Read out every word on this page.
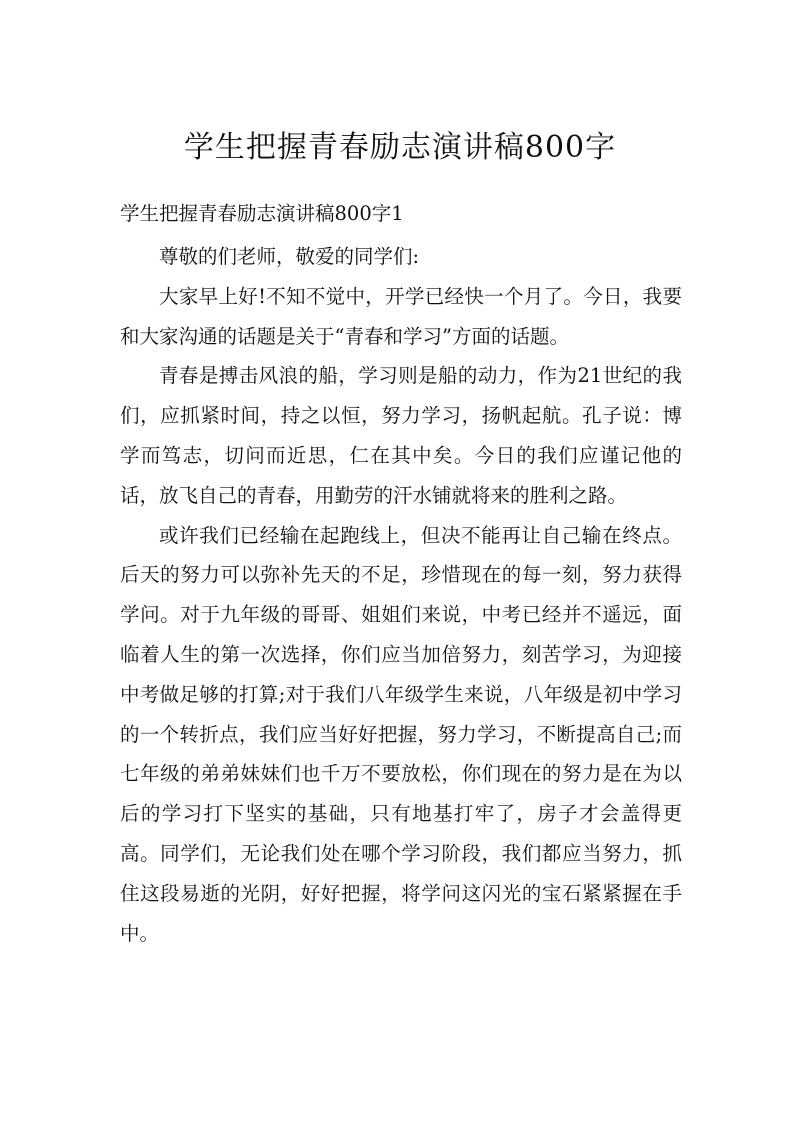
学生把握青春励志演讲稿800字
学生把握青春励志演讲稿800字1

尊敬的们老师，敬爱的同学们:

大家早上好!不知不觉中，开学已经快一个月了。今日，我要和大家沟通的话题是关于“青春和学习”方面的话题。

青春是搏击风浪的船，学习则是船的动力，作为21世纪的我们，应抓紧时间，持之以恒，努力学习，扬帆起航。孔子说：博学而笃志，切问而近思，仁在其中矣。今日的我们应谨记他的话，放飞自己的青春，用勤劳的汗水铺就将来的胜利之路。

或许我们已经输在起跑线上，但决不能再让自己输在终点。后天的努力可以弥补先天的不足，珍惜现在的每一刻，努力获得学问。对于九年级的哥哥、姐姐们来说，中考已经并不遥远，面临着人生的第一次选择，你们应当加倍努力，刻苦学习，为迎接中考做足够的打算;对于我们八年级学生来说，八年级是初中学习的一个转折点，我们应当好好把握，努力学习，不断提高自己;而七年级的弟弟妹妹们也千万不要放松，你们现在的努力是在为以后的学习打下坚实的基础，只有地基打牢了，房子才会盖得更高。同学们，无论我们处在哪个学习阶段，我们都应当努力，抓住这段易逝的光阴，好好把握，将学问这闪光的宝石紧紧握在手中。
